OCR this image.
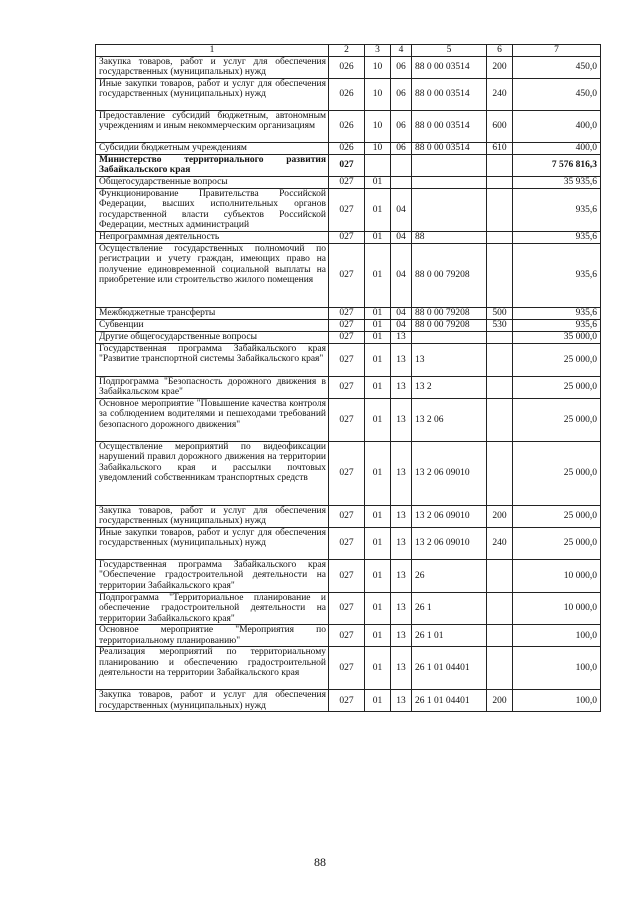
1	2	3	4	5	6	7
Закупка товаров, работ и услуг для обеспечения государственных (муниципальных) нужд	026	10	06	88 0 00 03514	200	450,0
Иные закупки товаров, работ и услуг для обеспечения государственных (муниципальных) нужд	026	10	06	88 0 00 03514	240	450,0
Предоставление субсидий бюджетным, автономным учреждениям и иным некоммерческим организациям	026	10	06	88 0 00 03514	600	400,0
Субсидии бюджетным учреждениям	026	10	06	88 0 00 03514	610	400,0
Министерство территориального развития Забайкальского края	027					7 576 816,3
Общегосударственные вопросы	027	01				35 935,6
Функционирование Правительства Российской Федерации, высших исполнительных органов государственной власти субъектов Российской Федерации, местных администраций	027	01	04			935,6
Непрограммная деятельность	027	01	04	88		935,6
Осуществление государственных полномочий по регистрации и учету граждан, имеющих право на получение единовременной социальной выплаты на приобретение или строительство жилого помещения	027	01	04	88 0 00 79208		935,6
Межбюджетные трансферты	027	01	04	88 0 00 79208	500	935,6
Субвенции	027	01	04	88 0 00 79208	530	935,6
Другие общегосударственные вопросы	027	01	13			35 000,0
Государственная программа Забайкальского края "Развитие транспортной системы Забайкальского края"	027	01	13	13		25 000,0
Подпрограмма "Безопасность дорожного движения в Забайкальском крае"	027	01	13	13 2		25 000,0
Основное мероприятие "Повышение качества контроля за соблюдением водителями и пешеходами требований безопасного дорожного движения"	027	01	13	13 2 06		25 000,0
Осуществление мероприятий по видеофиксации нарушений правил дорожного движения на территории Забайкальского края и рассылки почтовых уведомлений собственникам транспортных средств	027	01	13	13 2 06 09010		25 000,0
Закупка товаров, работ и услуг для обеспечения государственных (муниципальных) нужд	027	01	13	13 2 06 09010	200	25 000,0
Иные закупки товаров, работ и услуг для обеспечения государственных (муниципальных) нужд	027	01	13	13 2 06 09010	240	25 000,0
Государственная программа Забайкальского края "Обеспечение градостроительной деятельности на территории Забайкальского края"	027	01	13	26		10 000,0
Подпрограмма "Территориальное планирование и обеспечение градостроительной деятельности на территории Забайкальского края"	027	01	13	26 1		10 000,0
Основное мероприятие "Мероприятия по территориальному планированию"	027	01	13	26 1 01		100,0
Реализация мероприятий по территориальному планированию и обеспечению градостроительной деятельности на территории Забайкальского края	027	01	13	26 1 01 04401		100,0
Закупка товаров, работ и услуг для обеспечения государственных (муниципальных) нужд	027	01	13	26 1 01 04401	200	100,0
88
